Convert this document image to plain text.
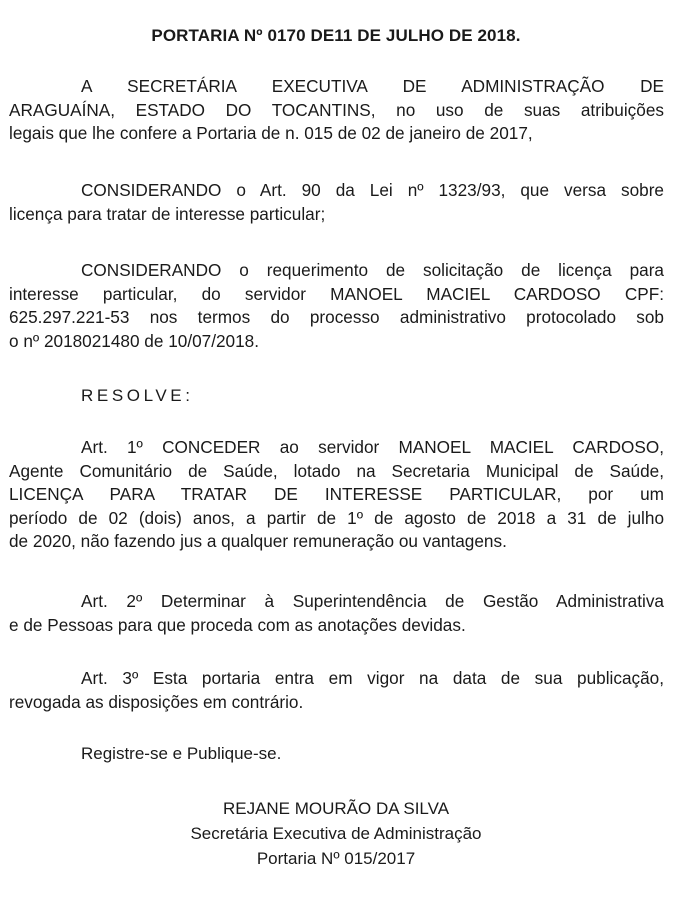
PORTARIA Nº 0170 DE11 DE JULHO DE 2018.
A SECRETÁRIA EXECUTIVA DE ADMINISTRAÇÃO DE
ARAGUAÍNA, ESTADO DO TOCANTINS, no uso de suas atribuições
legais que lhe confere a Portaria de n. 015 de 02 de janeiro de 2017,
CONSIDERANDO o Art. 90 da Lei nº 1323/93, que versa sobre
licença para tratar de interesse particular;
CONSIDERANDO o requerimento de solicitação de licença para
interesse particular, do servidor MANOEL MACIEL CARDOSO CPF:
625.297.221-53 nos termos do processo administrativo protocolado sob
o nº 2018021480 de 10/07/2018.
RESOLVE:
Art. 1º CONCEDER ao servidor MANOEL MACIEL CARDOSO,
Agente Comunitário de Saúde, lotado na Secretaria Municipal de Saúde,
LICENÇA PARA TRATAR DE INTERESSE PARTICULAR, por um
período de 02 (dois) anos, a partir de 1º de agosto de 2018 a 31 de julho
de 2020, não fazendo jus a qualquer remuneração ou vantagens.
Art. 2º Determinar à Superintendência de Gestão Administrativa
e de Pessoas para que proceda com as anotações devidas.
Art. 3º Esta portaria entra em vigor na data de sua publicação,
revogada as disposições em contrário.
Registre-se e Publique-se.
REJANE MOURÃO DA SILVA
Secretária Executiva de Administração
Portaria Nº 015/2017
